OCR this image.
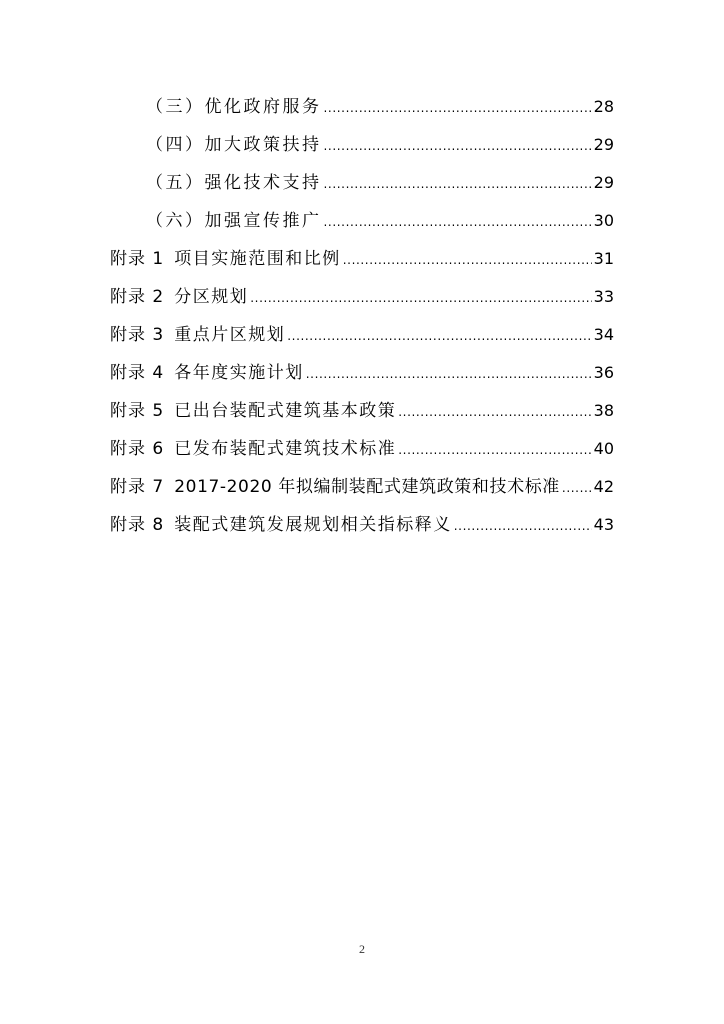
（三）优化政府服务 .....	28
（四）加大政策扶持 .....	29
（五）强化技术支持 .....	29
（六）加强宣传推广 .....	30
附录 1 项目实施范围和比例 .....	31
附录 2 分区规划 .....	33
附录 3 重点片区规划 .....	34
附录 4 各年度实施计划 .....	36
附录 5 已出台装配式建筑基本政策 .....	38
附录 6 已发布装配式建筑技术标准 .....	40
附录 7 2017-2020 年拟编制装配式建筑政策和技术标准 ..... 42
附录 8 装配式建筑发展规划相关指标释义 .....	43
2
